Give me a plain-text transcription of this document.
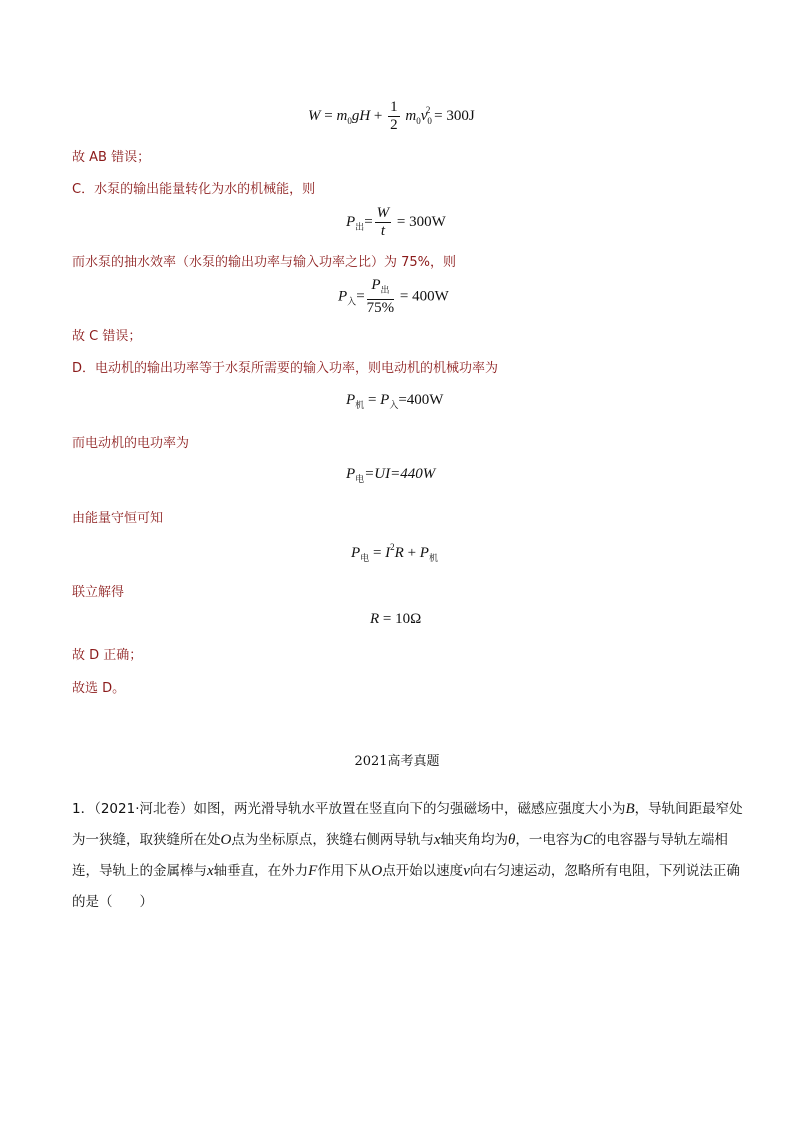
$W = m_0gH + \frac{1}{2} m_0v_0^2 = 300J$
故 AB 错误；
C．水泵的输出能量转化为水的机械能，则
$P_出= \frac{W}{t} = 300W$
而水泵的抽水效率（水泵的输出功率与输入功率之比）为 75%，则
$P_入= \frac{P_出}{75\%} = 400W$
故 C 错误；
D．电动机的输出功率等于水泵所需要的输入功率，则电动机的机械功率为
$P_机 = P_入=400W$
而电动机的电功率为
$P_电=UI=440W$
由能量守恒可知
$P_电 = I^2R + P_机$
联立解得
R = 10Ω
故 D 正确；
故选 D。
2021高考真题
1．（2021·河北卷）如图，两光滑导轨水平放置在竖直向下的匀强磁场中，磁感应强度大小为B，导轨间距最窄处为一狭缝，取狭缝所在处O点为坐标原点，狭缝右侧两导轨与x轴夹角均为θ，一电容为C的电容器与导轨左端相连，导轨上的金属棒与x轴垂直，在外力F作用下从O点开始以速度v向右匀速运动，忽略所有电阻，下列说法正确的是（　　）
